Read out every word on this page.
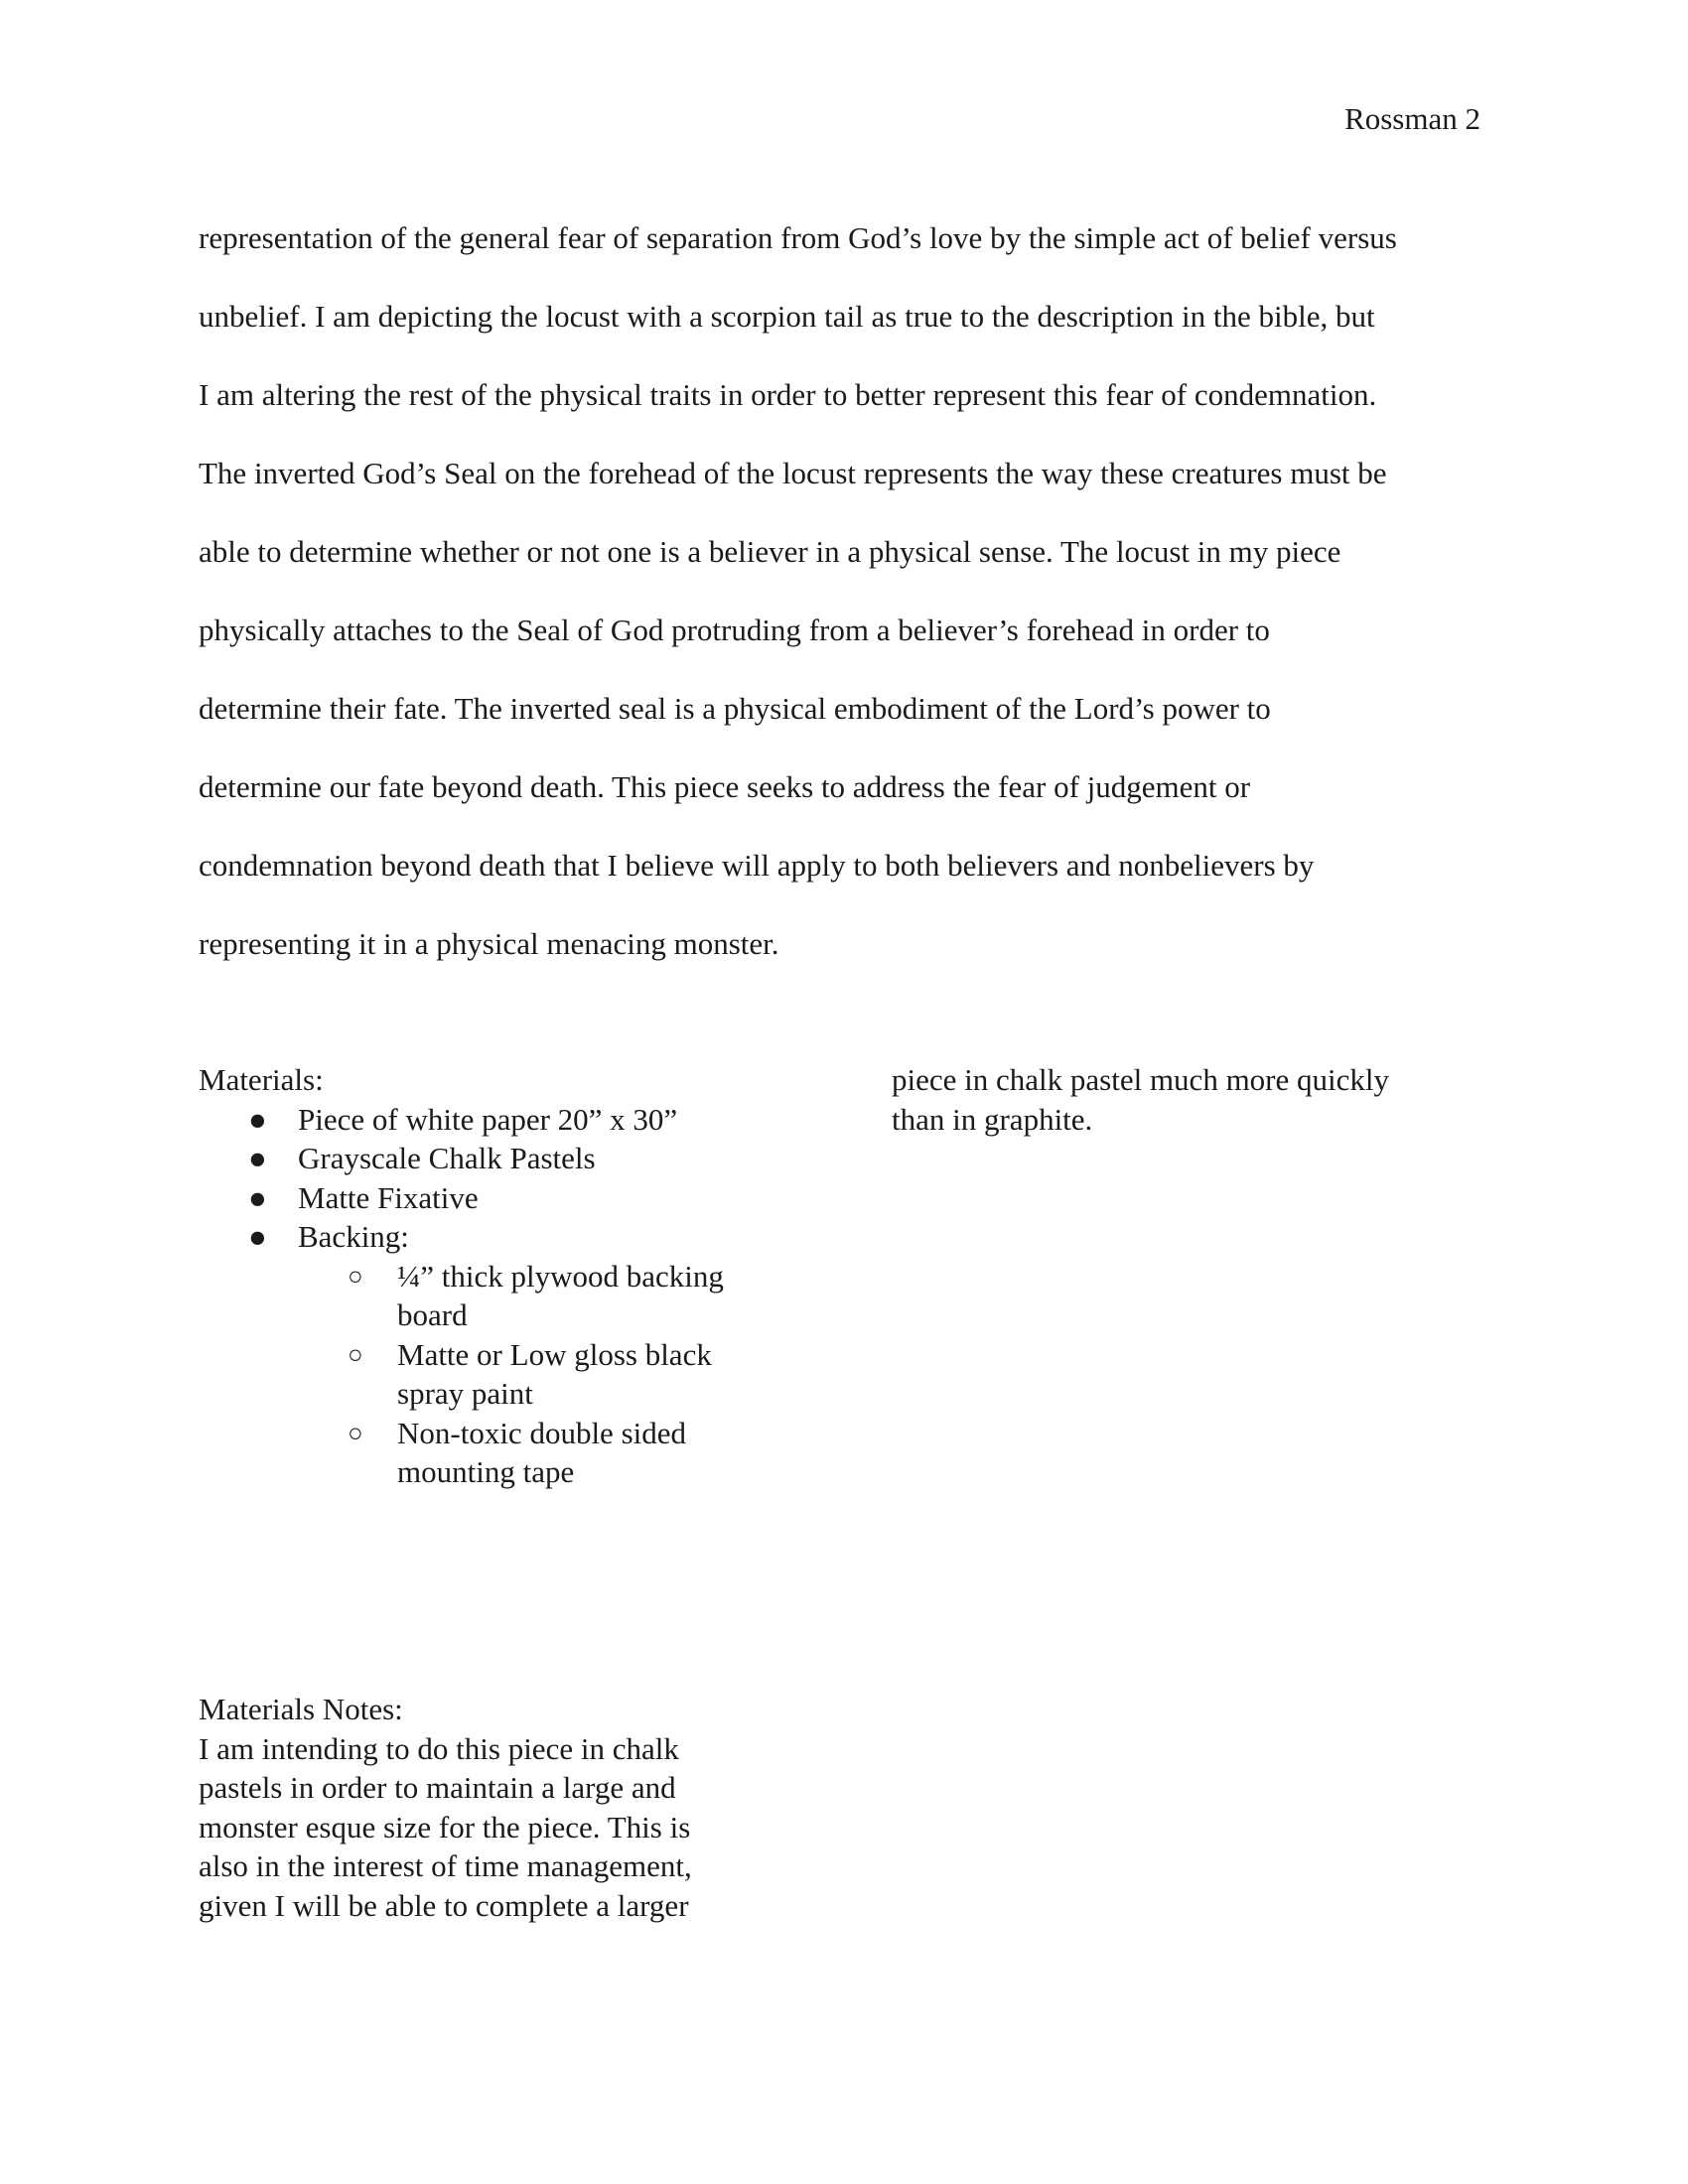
Rossman 2
representation of the general fear of separation from God’s love by the simple act of belief versus
unbelief. I am depicting the locust with a scorpion tail as true to the description in the bible, but
I am altering the rest of the physical traits in order to better represent this fear of condemnation.
The inverted God’s Seal on the forehead of the locust represents the way these creatures must be
able to determine whether or not one is a believer in a physical sense. The locust in my piece
physically attaches to the Seal of God protruding from a believer’s forehead in order to
determine their fate. The inverted seal is a physical embodiment of the Lord’s power to
determine our fate beyond death. This piece seeks to address the fear of judgement or
condemnation beyond death that I believe will apply to both believers and nonbelievers by
representing it in a physical menacing monster.
Materials:
● Piece of white paper 20” x 30”
● Grayscale Chalk Pastels
● Matte Fixative
● Backing:
○ ¼” thick plywood backing
board
○ Matte or Low gloss black
spray paint
○ Non-toxic double sided
mounting tape
Materials Notes:
I am intending to do this piece in chalk
pastels in order to maintain a large and
monster esque size for the piece. This is
also in the interest of time management,
given I will be able to complete a larger
piece in chalk pastel much more quickly
than in graphite.
